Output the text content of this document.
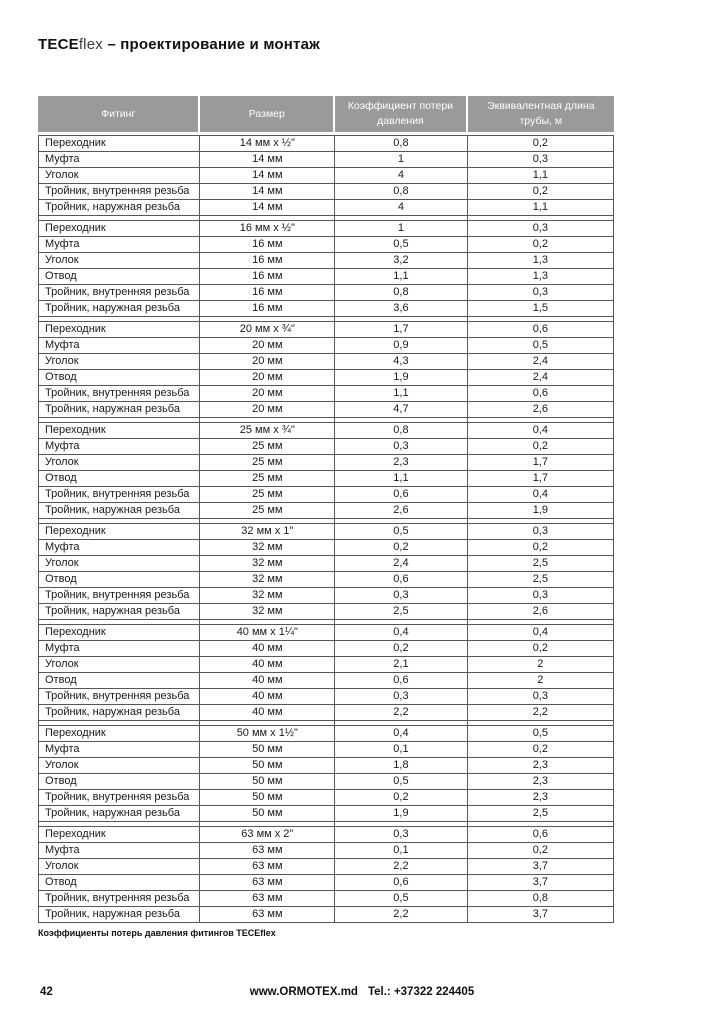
TECEflex – проектирование и монтаж
Фитинг	Размер	Коэффициент потери давления	Эквивалентная длина трубы, м
Переходник	14 мм x ½"	0,8	0,2
Муфта	14 мм	1	0,3
Уголок	14 мм	4	1,1
Тройник, внутренняя резьба	14 мм	0,8	0,2
Тройник, наружная резьба	14 мм	4	1,1

Переходник	16 мм x ½"	1	0,3
Муфта	16 мм	0,5	0,2
Уголок	16 мм	3,2	1,3
Отвод	16 мм	1,1	1,3
Тройник, внутренняя резьба	16 мм	0,8	0,3
Тройник, наружная резьба	16 мм	3,6	1,5

Переходник	20 мм x ¾"	1,7	0,6
Муфта	20 мм	0,9	0,5
Уголок	20 мм	4,3	2,4
Отвод	20 мм	1,9	2,4
Тройник, внутренняя резьба	20 мм	1,1	0,6
Тройник, наружная резьба	20 мм	4,7	2,6

Переходник	25 мм x ¾"	0,8	0,4
Муфта	25 мм	0,3	0,2
Уголок	25 мм	2,3	1,7
Отвод	25 мм	1,1	1,7
Тройник, внутренняя резьба	25 мм	0,6	0,4
Тройник, наружная резьба	25 мм	2,6	1,9

Переходник	32 мм x 1"	0,5	0,3
Муфта	32 мм	0,2	0,2
Уголок	32 мм	2,4	2,5
Отвод	32 мм	0,6	2,5
Тройник, внутренняя резьба	32 мм	0,3	0,3
Тройник, наружная резьба	32 мм	2,5	2,6

Переходник	40 мм x 1¼"	0,4	0,4
Муфта	40 мм	0,2	0,2
Уголок	40 мм	2,1	2
Отвод	40 мм	0,6	2
Тройник, внутренняя резьба	40 мм	0,3	0,3
Тройник, наружная резьба	40 мм	2,2	2,2

Переходник	50 мм x 1½"	0,4	0,5
Муфта	50 мм	0,1	0,2
Уголок	50 мм	1,8	2,3
Отвод	50 мм	0,5	2,3
Тройник, внутренняя резьба	50 мм	0,2	2,3
Тройник, наружная резьба	50 мм	1,9	2,5

Переходник	63 мм x 2"	0,3	0,6
Муфта	63 мм	0,1	0,2
Уголок	63 мм	2,2	3,7
Отвод	63 мм	0,6	3,7
Тройник, внутренняя резьба	63 мм	0,5	0,8
Тройник, наружная резьба	63 мм	2,2	3,7
Коэффициенты потерь давления фитингов TECEflex
42	www.ORMOTEX.md Tel.: +37322 224405
